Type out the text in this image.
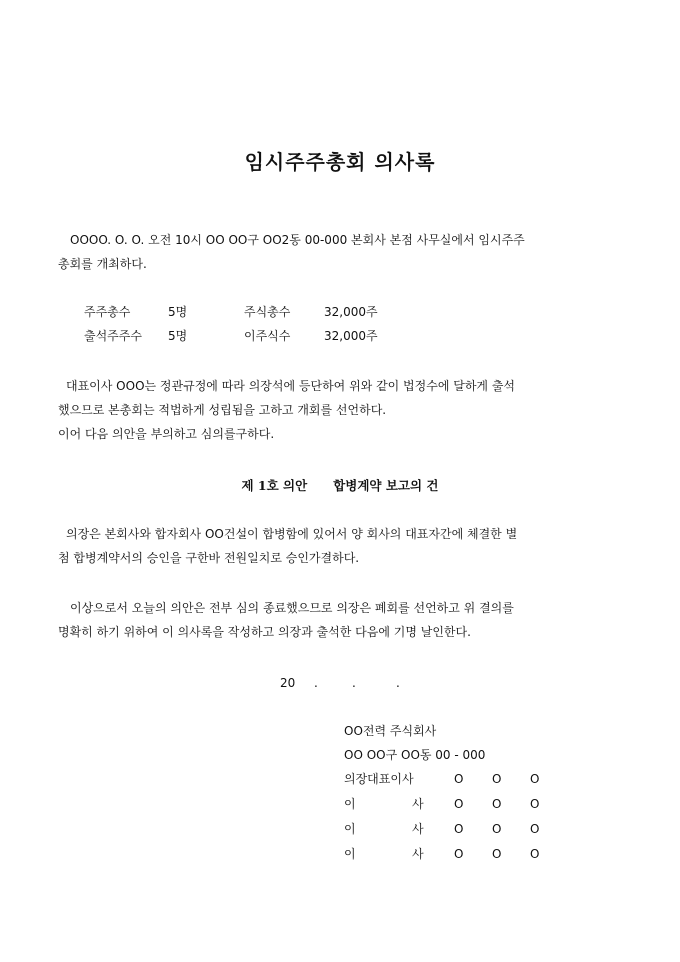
임시주주총회 의사록
OOOO. O. O. 오전 10시 OO OO구 OO2동 00-000 본회사 본점 사무실에서 임시주주
총회를 개최하다.
주주총수	5명	주식총수	32,000주
출석주주수 5명	이주식수	32,000주
대표이사 OOO는 정관규정에 따라 의장석에 등단하여 위와 같이 법정수에 달하게 출석
했으므로 본총회는 적법하게 성립됨을 고하고 개회를 선언하다.
이어 다음 의안을 부의하고 심의를구하다.
제 1호 의안 합병계약 보고의 건
의장은 본회사와 합자회사 OO건설이 합병함에 있어서 양 회사의 대표자간에 체결한 별
첨 합병계약서의 승인을 구한바 전원일치로 승인가결하다.
이상으로서 오늘의 의안은 전부 심의 종료했으므로 의장은 폐회를 선언하고 위 결의를
명확히 하기 위하여 이 의사록을 작성하고 의장과 출석한 다음에 기명 날인한다.
20 .	.	.
OO전력 주식회사
OO OO구 OO동 00 - 000
의장대표이사	O O O
이	사	O O O
이	사	O O O
이	사	O O O
